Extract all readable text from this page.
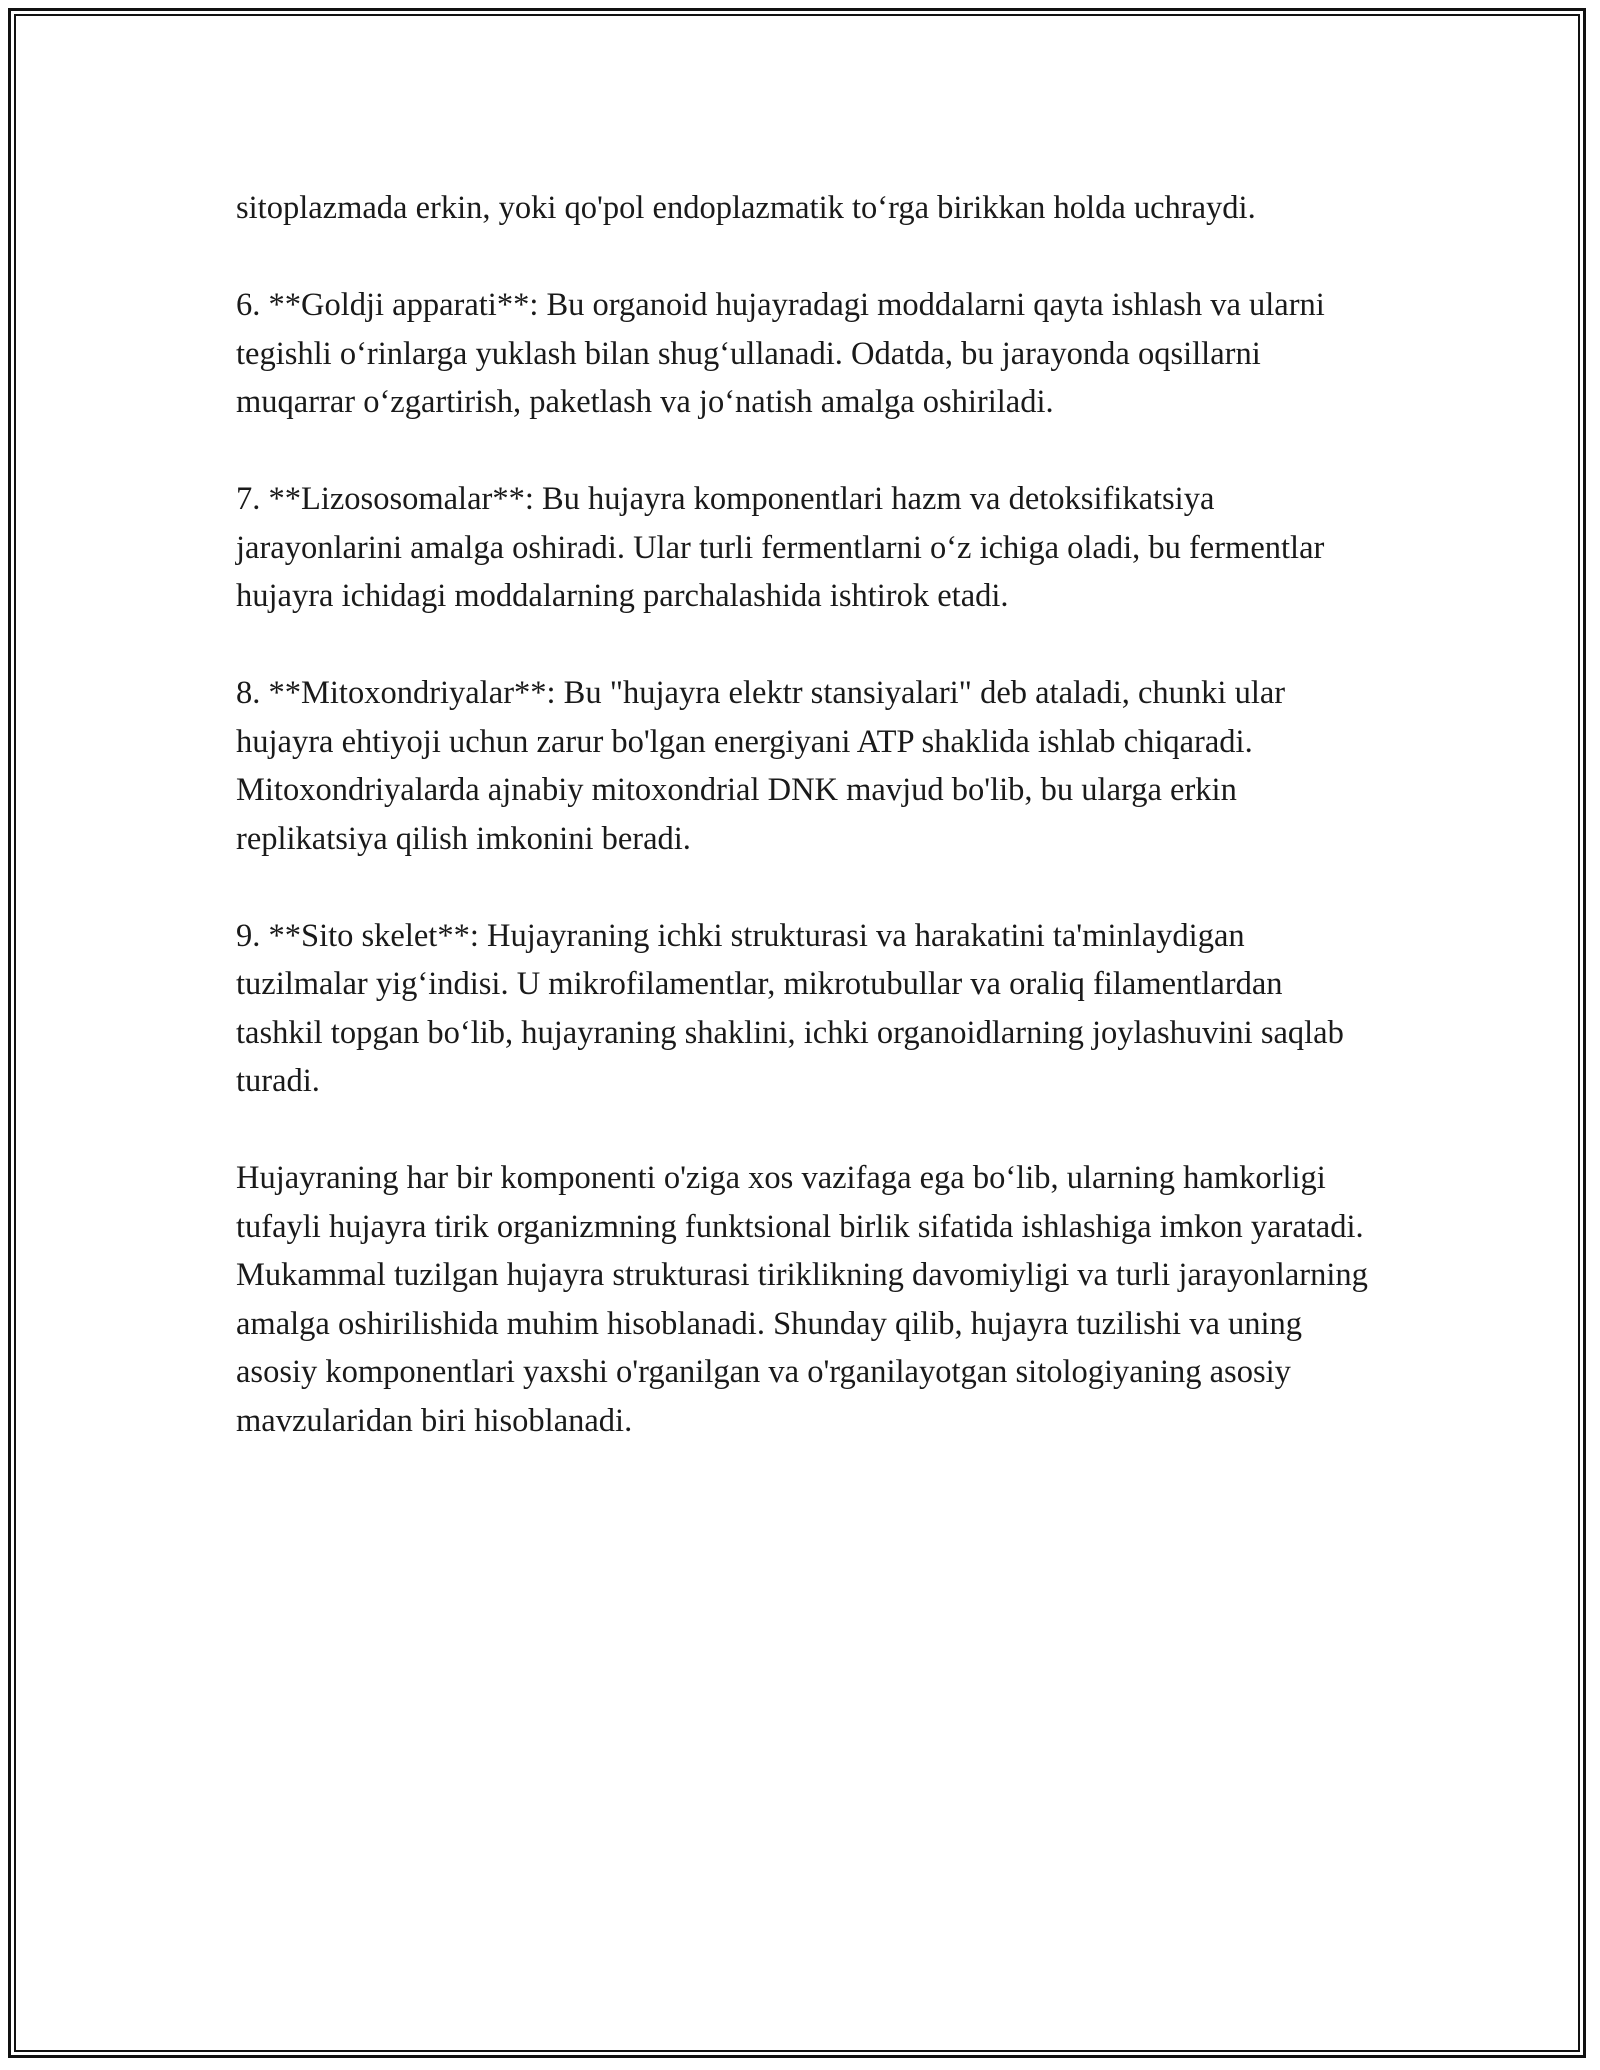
sitoplazmada erkin, yoki qo'pol endoplazmatik to‘rga birikkan holda uchraydi.

6. **Goldji apparati**: Bu organoid hujayradagi moddalarni qayta ishlash va ularni tegishli o‘rinlarga yuklash bilan shug‘ullanadi. Odatda, bu jarayonda oqsillarni muqarrar o‘zgartirish, paketlash va jo‘natish amalga oshiriladi.

7. **Lizososomalar**: Bu hujayra komponentlari hazm va detoksifikatsiya jarayonlarini amalga oshiradi. Ular turli fermentlarni o‘z ichiga oladi, bu fermentlar hujayra ichidagi moddalarning parchalashida ishtirok etadi.

8. **Mitoxondriyalar**: Bu "hujayra elektr stansiyalari" deb ataladi, chunki ular hujayra ehtiyoji uchun zarur bo'lgan energiyani ATP shaklida ishlab chiqaradi. Mitoxondriyalarda ajnabiy mitoxondrial DNK mavjud bo'lib, bu ularga erkin replikatsiya qilish imkonini beradi.

9. **Sito skelet**: Hujayraning ichki strukturasi va harakatini ta'minlaydigan tuzilmalar yig‘indisi. U mikrofilamentlar, mikrotubullar va oraliq filamentlardan tashkil topgan bo‘lib, hujayraning shaklini, ichki organoidlarning joylashuvini saqlab turadi.

Hujayraning har bir komponenti o'ziga xos vazifaga ega bo‘lib, ularning hamkorligi tufayli hujayra tirik organizmning funktsional birlik sifatida ishlashiga imkon yaratadi. Mukammal tuzilgan hujayra strukturasi tiriklikning davomiyligi va turli jarayonlarning amalga oshirilishida muhim hisoblanadi. Shunday qilib, hujayra tuzilishi va uning asosiy komponentlari yaxshi o'rganilgan va o'rganilayotgan sitologiyaning asosiy mavzularidan biri hisoblanadi.
